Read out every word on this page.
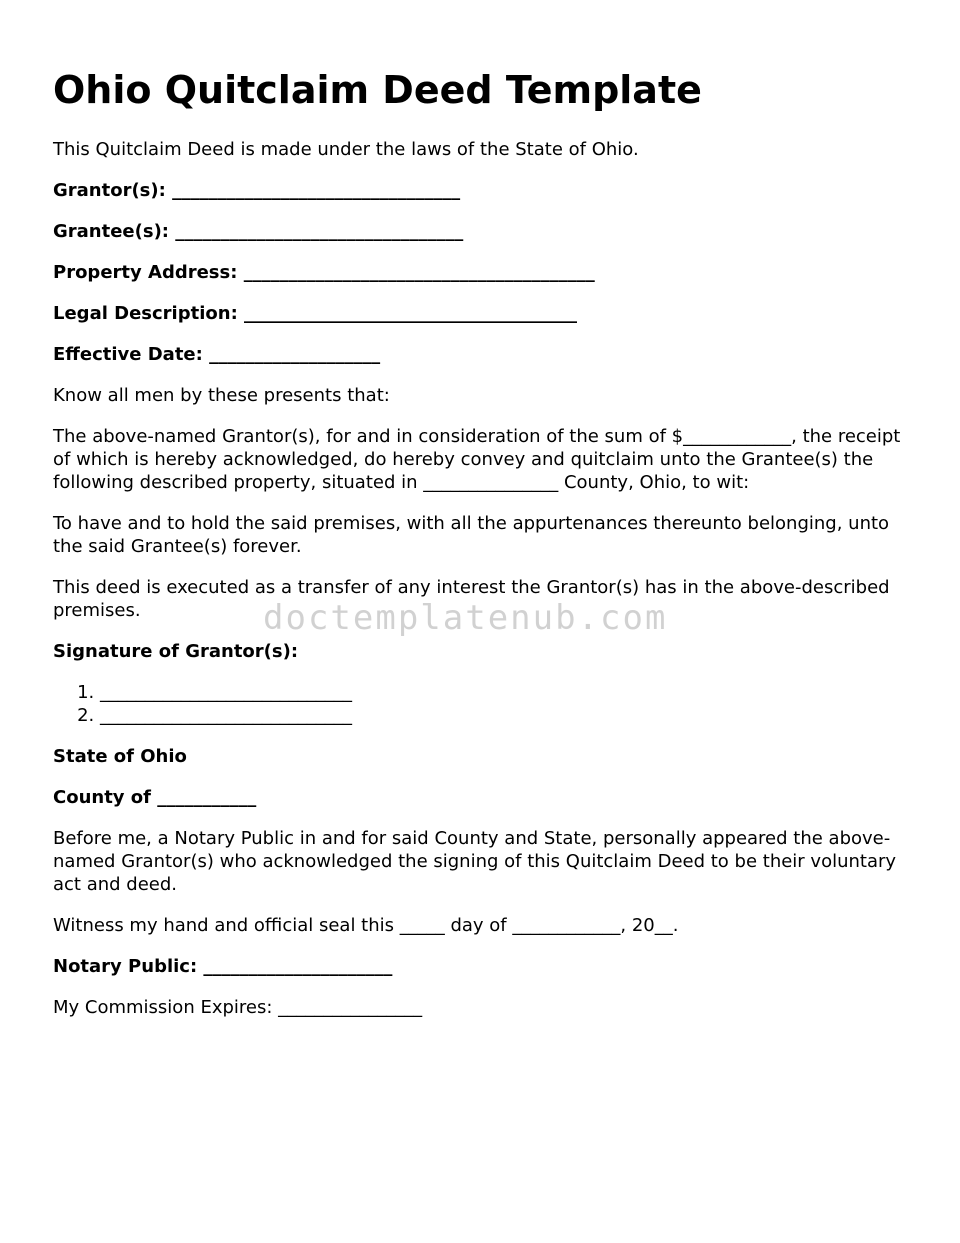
Ohio Quitclaim Deed Template

This Quitclaim Deed is made under the laws of the State of Ohio.

Grantor(s): ________________________________

Grantee(s): ________________________________

Property Address: _______________________________________

Legal Description: _____________________________________

Effective Date: ___________________

Know all men by these presents that:

The above-named Grantor(s), for and in consideration of the sum of $____________, the receipt of which is hereby acknowledged, do hereby convey and quitclaim unto the Grantee(s) the following described property, situated in _______________ County, Ohio, to wit:

To have and to hold the said premises, with all the appurtenances thereunto belonging, unto the said Grantee(s) forever.

This deed is executed as a transfer of any interest the Grantor(s) has in the above-described premises.

Signature of Grantor(s):

1. ____________________________
2. ____________________________

State of Ohio

County of ___________

Before me, a Notary Public in and for said County and State, personally appeared the above-named Grantor(s) who acknowledged the signing of this Quitclaim Deed to be their voluntary act and deed.

Witness my hand and official seal this _____ day of ____________, 20__.

Notary Public: _____________________

My Commission Expires: ________________

doctemplatenub.com
